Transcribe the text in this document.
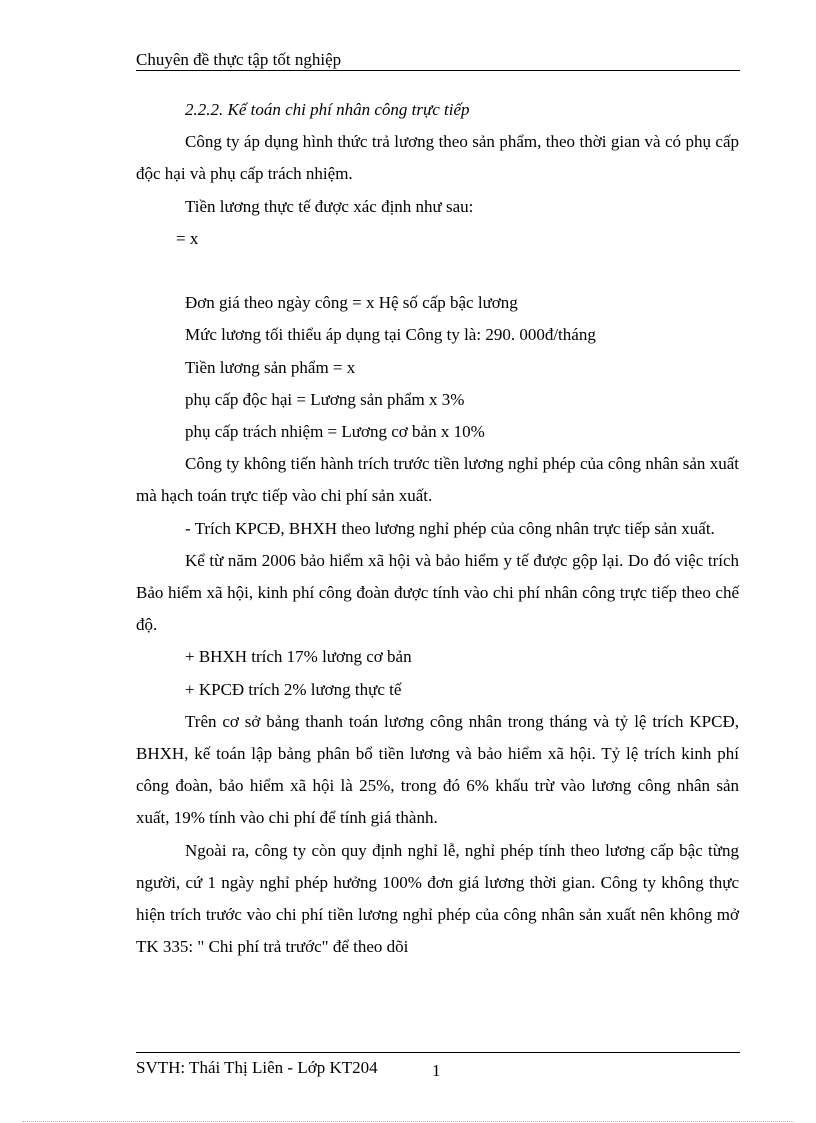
Chuyên đề thực tập tốt nghiệp

2.2.2. Kế toán chi phí nhân công trực tiếp

Công ty áp dụng hình thức trả lương theo sản phẩm, theo thời gian và có phụ cấp độc hại và phụ cấp trách nhiệm.

Tiền lương thực tế được xác định như sau:

= x

Đơn giá theo ngày công = x Hệ số cấp bậc lương

Mức lương tối thiểu áp dụng tại Công ty là: 290. 000đ/tháng

Tiền lương sản phẩm = x

phụ cấp độc hại = Lương sản phẩm x 3%

phụ cấp trách nhiệm = Lương cơ bản x 10%

Công ty không tiến hành trích trước tiền lương nghỉ phép của công nhân sản xuất mà hạch toán trực tiếp vào chi phí sản xuất.

- Trích KPCĐ, BHXH theo lương nghỉ phép của công nhân trực tiếp sản xuất.

Kể từ năm 2006 bảo hiểm xã hội và bảo hiểm y tế được gộp lại. Do đó việc trích Bảo hiểm xã hội, kinh phí công đoàn được tính vào chi phí nhân công trực tiếp theo chế độ.

+ BHXH trích 17% lương cơ bản

+ KPCĐ trích 2% lương thực tế

Trên cơ sở bảng thanh toán lương công nhân trong tháng và tỷ lệ trích KPCĐ, BHXH, kế toán lập bảng phân bổ tiền lương và bảo hiểm xã hội. Tỷ lệ trích kinh phí công đoàn, bảo hiểm xã hội là 25%, trong đó 6% khấu trừ vào lương công nhân sản xuất, 19% tính vào chi phí để tính giá thành.

Ngoài ra, công ty còn quy định nghỉ lễ, nghỉ phép tính theo lương cấp bậc từng người, cứ 1 ngày nghỉ phép hưởng 100% đơn giá lương thời gian. Công ty không thực hiện trích trước vào chi phí tiền lương nghỉ phép của công nhân sản xuất nên không mở TK 335: " Chi phí trả trước" để theo dõi

SVTH: Thái Thị Liên - Lớp KT204	1
